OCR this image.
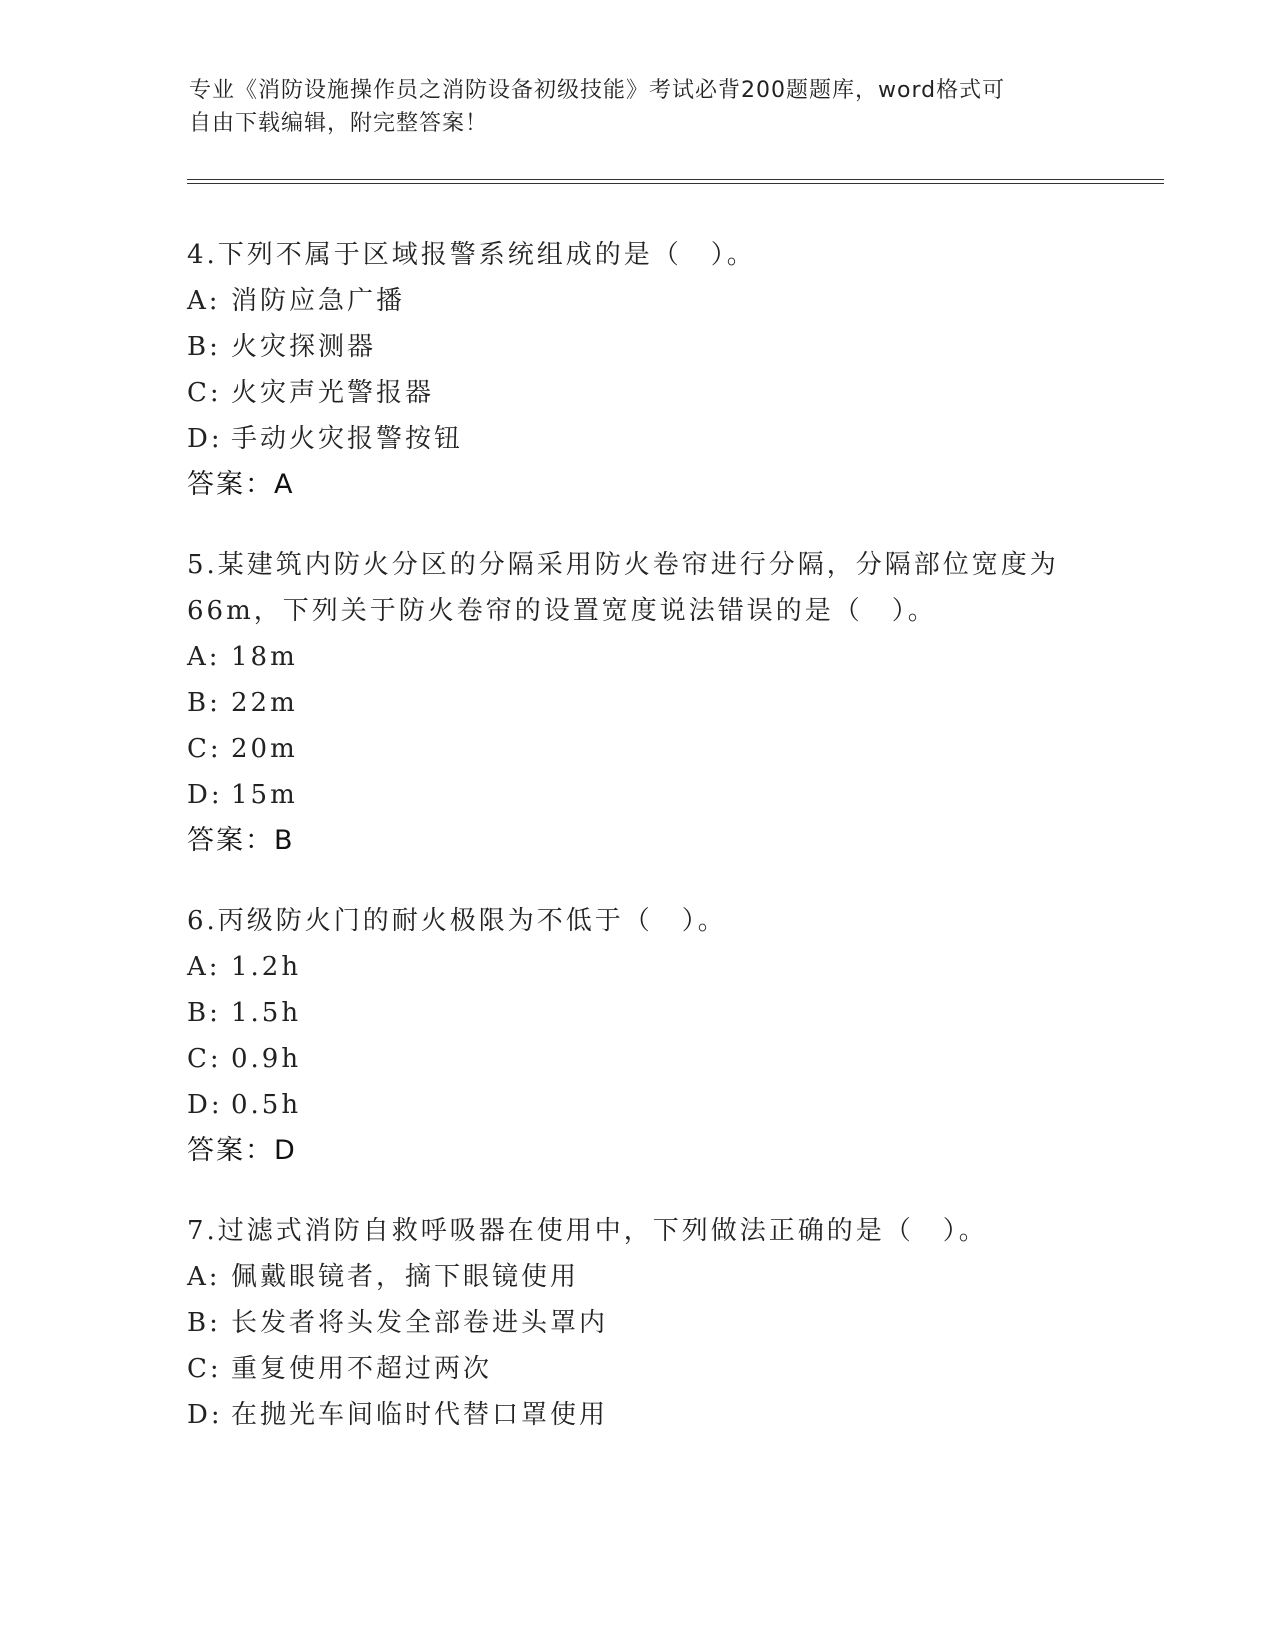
专业《消防设施操作员之消防设备初级技能》考试必背200题题库，word格式可
自由下载编辑，附完整答案！
4.下列不属于区域报警系统组成的是（　）。
A: 消防应急广播
B: 火灾探测器
C: 火灾声光警报器
D: 手动火灾报警按钮
答案：A
5.某建筑内防火分区的分隔采用防火卷帘进行分隔，分隔部位宽度为
66m，下列关于防火卷帘的设置宽度说法错误的是（　）。
A: 18m
B: 22m
C: 20m
D: 15m
答案：B
6.丙级防火门的耐火极限为不低于（　）。
A: 1.2h
B: 1.5h
C: 0.9h
D: 0.5h
答案：D
7.过滤式消防自救呼吸器在使用中，下列做法正确的是（　）。
A: 佩戴眼镜者，摘下眼镜使用
B: 长发者将头发全部卷进头罩内
C: 重复使用不超过两次
D: 在抛光车间临时代替口罩使用
